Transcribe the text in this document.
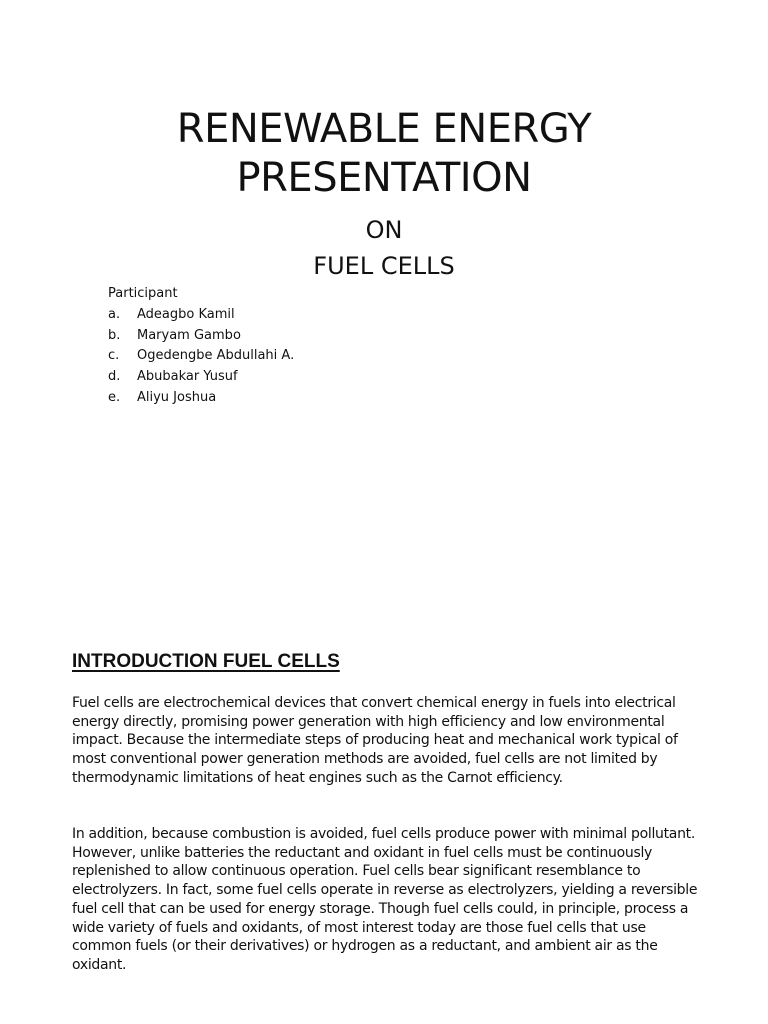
RENEWABLE ENERGY
PRESENTATION
ON
FUEL CELLS

Participant

a.	Adeagbo Kamil
b.	Maryam Gambo
c.	Ogedengbe Abdullahi A.
d.	Abubakar Yusuf
e.	Aliyu Joshua
INTRODUCTION FUEL CELLS

Fuel cells are electrochemical devices that convert chemical energy in fuels into electrical energy directly, promising power generation with high efficiency and low environmental impact. Because the intermediate steps of producing heat and mechanical work typical of most conventional power generation methods are avoided, fuel cells are not limited by thermodynamic limitations of heat engines such as the Carnot efficiency.

In addition, because combustion is avoided, fuel cells produce power with minimal pollutant. However, unlike batteries the reductant and oxidant in fuel cells must be continuously replenished to allow continuous operation. Fuel cells bear significant resemblance to electrolyzers. In fact, some fuel cells operate in reverse as electrolyzers, yielding a reversible fuel cell that can be used for energy storage. Though fuel cells could, in principle, process a wide variety of fuels and oxidants, of most interest today are those fuel cells that use common fuels (or their derivatives) or hydrogen as a reductant, and ambient air as the oxidant.
